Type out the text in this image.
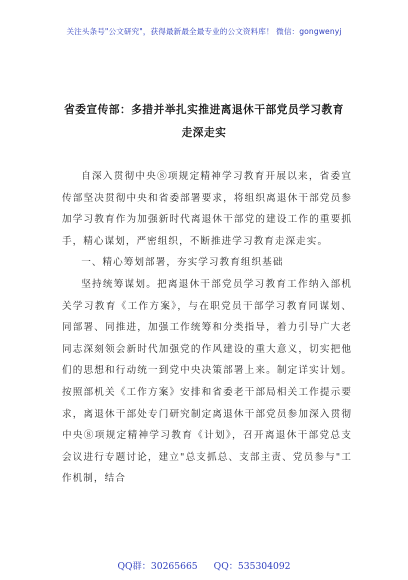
关注头条号"公文研究"，获得最新最全最专业的公文资料库！ 微信：gongwenyj
省委宣传部：多措并举扎实推进离退休干部党员学习教育
走深走实

自深入贯彻中央⑧项规定精神学习教育开展以来，省委宣传部坚决贯彻中央和省委部署要求，将组织离退休干部党员参加学习教育作为加强新时代离退休干部党的建设工作的重要抓手，精心谋划，严密组织，不断推进学习教育走深走实。

一、精心筹划部署，夯实学习教育组织基础

坚持统筹谋划。把离退休干部党员学习教育工作纳入部机关学习教育《工作方案》，与在职党员干部学习教育同谋划、同部署、同推进，加强工作统筹和分类指导，着力引导广大老同志深刻领会新时代加强党的作风建设的重大意义，切实把他们的思想和行动统一到党中央决策部署上来。制定详实计划。按照部机关《工作方案》安排和省委老干部局相关工作提示要求，离退休干部处专门研究制定离退休干部党员参加深入贯彻中央⑧项规定精神学习教育《计划》，召开离退休干部党总支会议进行专题讨论，建立"总支抓总、支部主责、党员参与"工作机制，结合

QQ群：30265665 QQ：535304092
